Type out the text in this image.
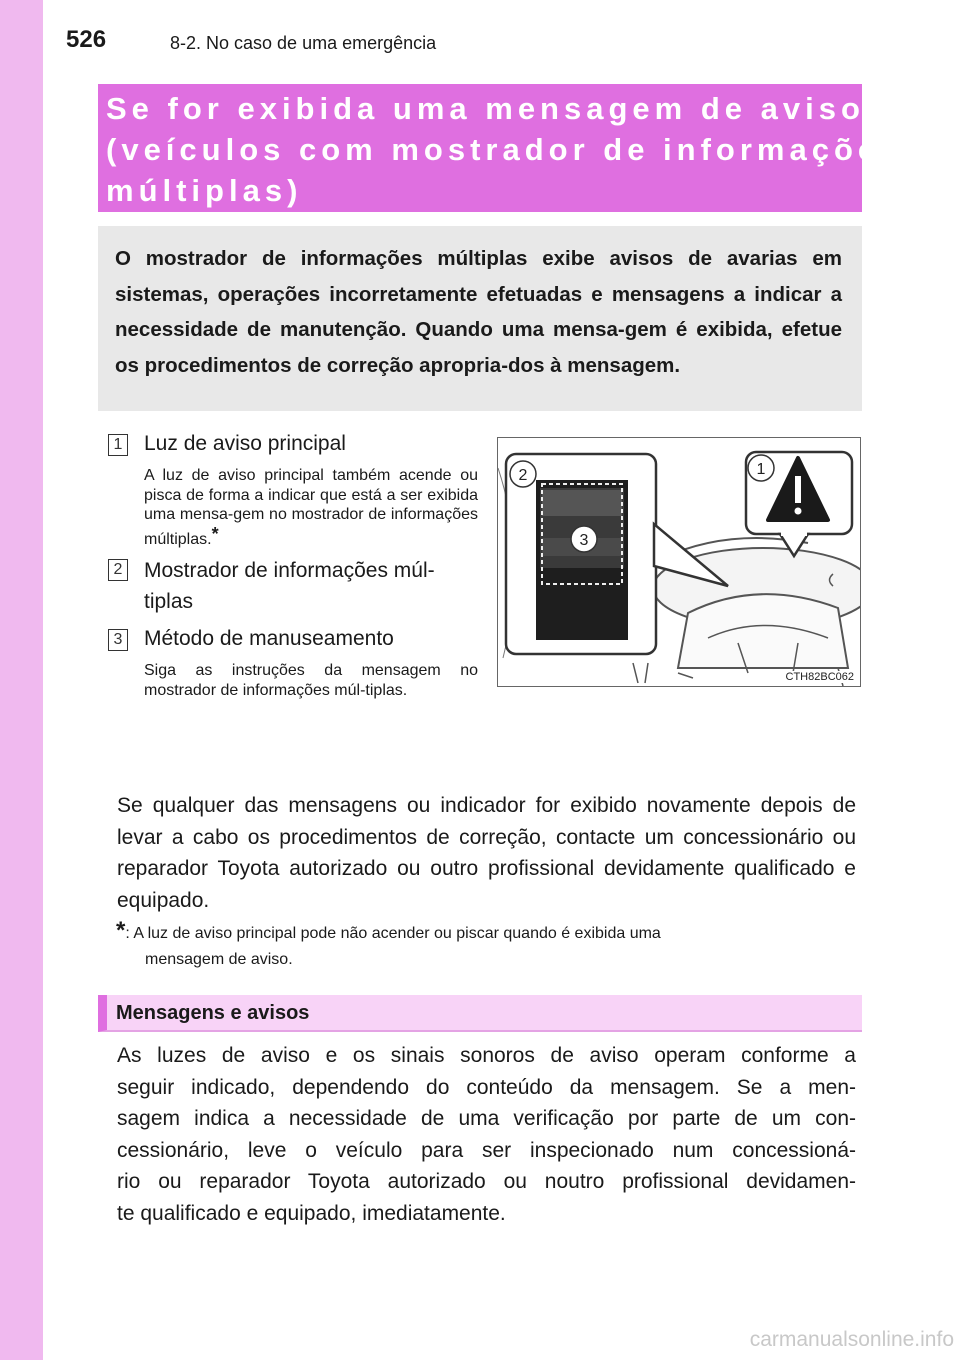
526	8-2. No caso de uma emergência
Se for exibida uma mensagem de aviso
(veículos com mostrador de informações
múltiplas)

O mostrador de informações múltiplas exibe avisos de avarias em sistemas, operações incorretamente efetuadas e mensagens a indicar a necessidade de manutenção. Quando uma mensa-gem é exibida, efetue os procedimentos de correção apropria-dos à mensagem.

1 Luz de aviso principal
A luz de aviso principal também acende ou pisca de forma a indicar que está a ser exibida uma mensa-gem no mostrador de informações múltiplas.*
2 Mostrador de informações múl-tiplas
3 Método de manuseamento
Siga as instruções da mensagem no mostrador de informações múl-tiplas.
1
2
3
CTH82BC062

Se qualquer das mensagens ou indicador for exibido novamente depois de levar a cabo os procedimentos de correção, contacte um concessionário ou reparador Toyota autorizado ou outro profissional devidamente qualificado e equipado.

*: A luz de aviso principal pode não acender ou piscar quando é exibida uma
mensagem de aviso.
Mensagens e avisos
As luzes de aviso e os sinais sonoros de aviso operam conforme a
seguir indicado, dependendo do conteúdo da mensagem. Se a men-
sagem indica a necessidade de uma verificação por parte de um con-
cessionário, leve o veículo para ser inspecionado num concessioná-
rio ou reparador Toyota autorizado ou noutro profissional devidamen-
te qualificado e equipado, imediatamente.
carmanualsonline.info
